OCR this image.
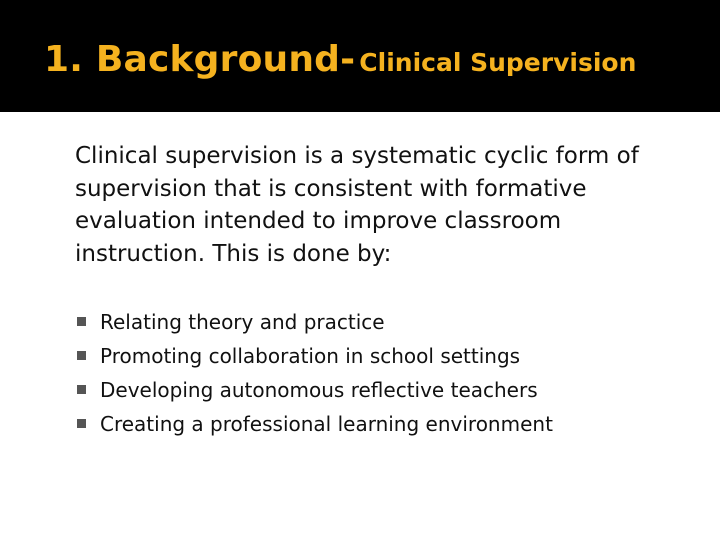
1. Background- Clinical Supervision
Clinical supervision is a systematic cyclic form of supervision that is consistent with formative evaluation intended to improve classroom instruction. This is done by:
Relating theory and practice
Promoting collaboration in school settings
Developing autonomous reflective teachers
Creating a professional learning environment
